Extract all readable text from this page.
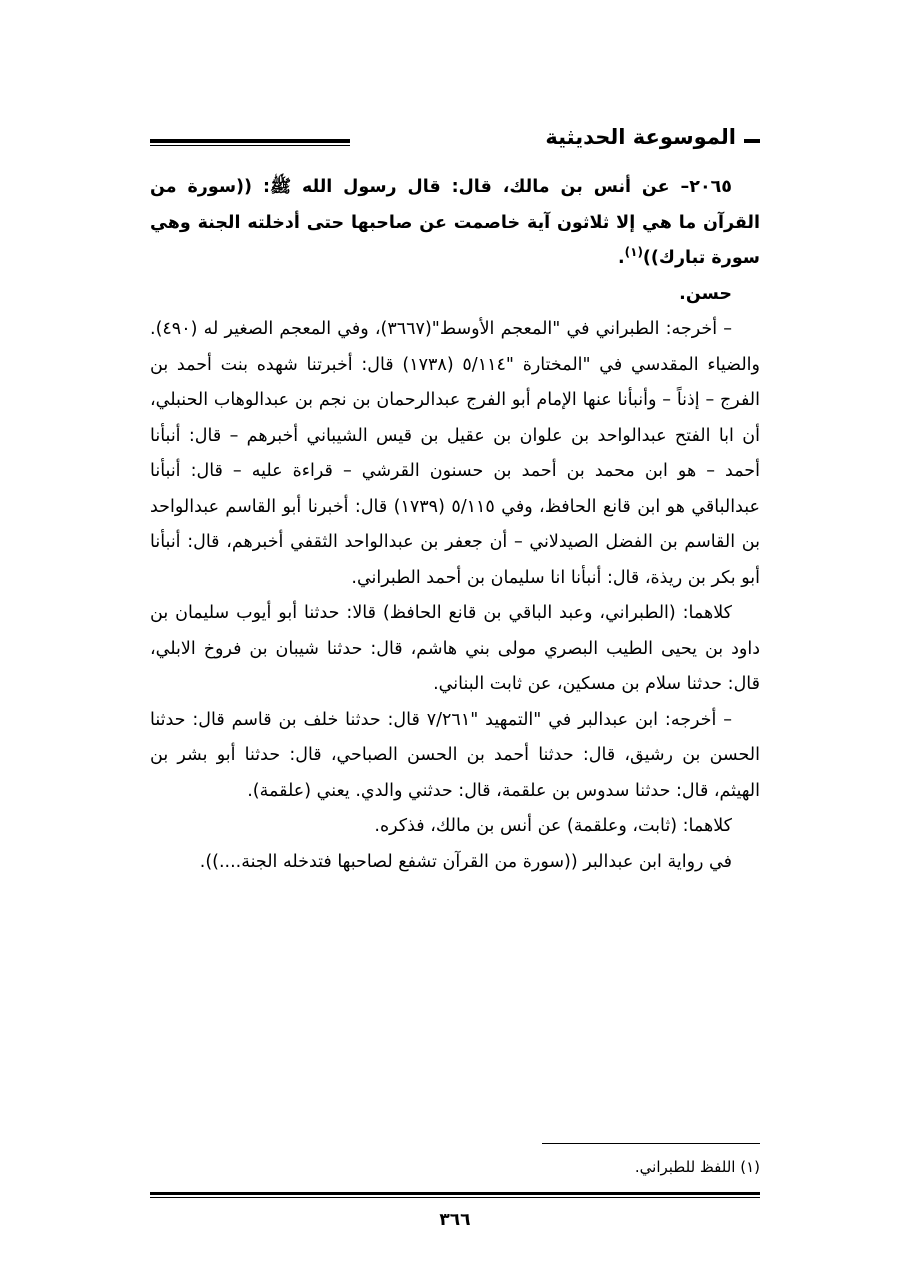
الموسوعة الحديثية

٢٠٦٥– عن أنس بن مالك، قال: قال رسول الله ﷺ: ((سورة من القرآن ما هي إلا ثلاثون آية خاصمت عن صاحبها حتى أدخلته الجنة وهي سورة تبارك))$^{(١)}$.

حسن.

– أخرجه: الطبراني في "المعجم الأوسط"(٣٦٦٧)، وفي المعجم الصغير له (٤٩٠). والضياء المقدسي في "المختارة "٥/١١٤ (١٧٣٨) قال: أخبرتنا شهده بنت أحمد بن الفرج – إذناً – وأنبأنا عنها الإمام أبو الفرج عبدالرحمان بن نجم بن عبدالوهاب الحنبلي، أن ابا الفتح عبدالواحد بن علوان بن عقيل بن قيس الشيباني أخبرهم – قال: أنبأنا أحمد – هو ابن محمد بن أحمد بن حسنون القرشي – قراءة عليه – قال: أنبأنا عبدالباقي هو ابن قانع الحافظ، وفي ٥/١١٥ (١٧٣٩) قال: أخبرنا أبو القاسم عبدالواحد بن القاسم بن الفضل الصيدلاني – أن جعفر بن عبدالواحد الثقفي أخبرهم، قال: أنبأنا أبو بكر بن ريذة، قال: أنبأنا انا سليمان بن أحمد الطبراني.

كلاهما: (الطبراني، وعبد الباقي بن قانع الحافظ) قالا: حدثنا أبو أيوب سليمان بن داود بن يحيى الطيب البصري مولى بني هاشم، قال: حدثنا شيبان بن فروخ الابلي، قال: حدثنا سلام بن مسكين، عن ثابت البناني.

– أخرجه: ابن عبدالبر في "التمهيد "٧/٢٦١ قال: حدثنا خلف بن قاسم قال: حدثنا الحسن بن رشيق، قال: حدثنا أحمد بن الحسن الصباحي، قال: حدثنا أبو بشر بن الهيثم، قال: حدثنا سدوس بن علقمة، قال: حدثني والدي. يعني (علقمة).

كلاهما: (ثابت، وعلقمة) عن أنس بن مالك، فذكره.

في رواية ابن عبدالبر ((سورة من القرآن تشفع لصاحبها فتدخله الجنة....)).

(١) اللفظ للطبراني.
٣٦٦
